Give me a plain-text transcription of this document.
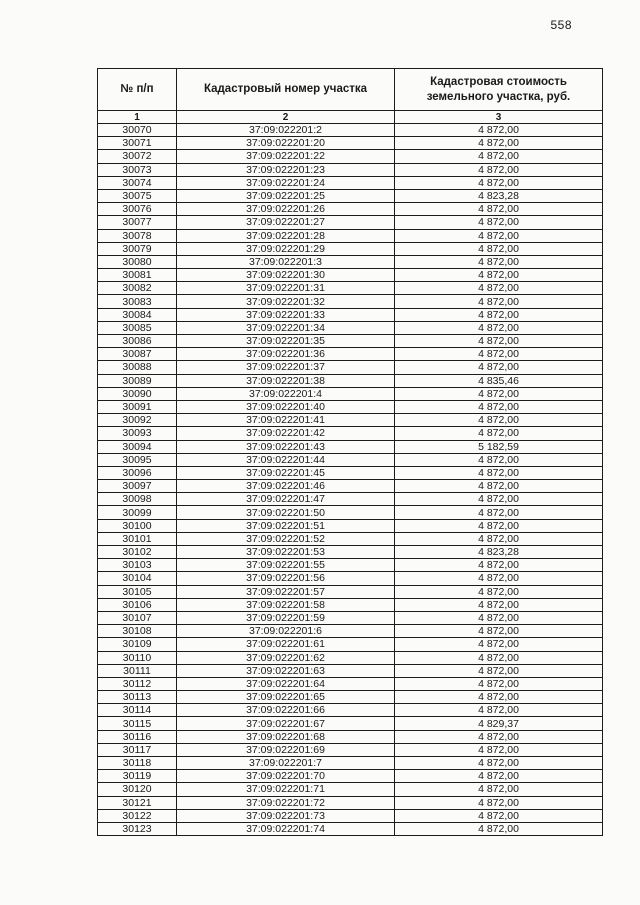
558
№ п/п	Кадастровый номер участка	Кадастровая стоимость земельного участка, руб.
1	2	3
30070	37:09:022201:2	4 872,00
30071	37:09:022201:20	4 872,00
30072	37:09:022201:22	4 872,00
30073	37:09:022201:23	4 872,00
30074	37:09:022201:24	4 872,00
30075	37:09:022201:25	4 823,28
30076	37:09:022201:26	4 872,00
30077	37:09:022201:27	4 872,00
30078	37:09:022201:28	4 872,00
30079	37:09:022201:29	4 872,00
30080	37:09:022201:3	4 872,00
30081	37:09:022201:30	4 872,00
30082	37:09:022201:31	4 872,00
30083	37:09:022201:32	4 872,00
30084	37:09:022201:33	4 872,00
30085	37:09:022201:34	4 872,00
30086	37:09:022201:35	4 872,00
30087	37:09:022201:36	4 872,00
30088	37:09:022201:37	4 872,00
30089	37:09:022201:38	4 835,46
30090	37:09:022201:4	4 872,00
30091	37:09:022201:40	4 872,00
30092	37:09:022201:41	4 872,00
30093	37:09:022201:42	4 872,00
30094	37:09:022201:43	5 182,59
30095	37:09:022201:44	4 872,00
30096	37:09:022201:45	4 872,00
30097	37:09:022201:46	4 872,00
30098	37:09:022201:47	4 872,00
30099	37:09:022201:50	4 872,00
30100	37:09:022201:51	4 872,00
30101	37:09:022201:52	4 872,00
30102	37:09:022201:53	4 823,28
30103	37:09:022201:55	4 872,00
30104	37:09:022201:56	4 872,00
30105	37:09:022201:57	4 872,00
30106	37:09:022201:58	4 872,00
30107	37:09:022201:59	4 872,00
30108	37:09:022201:6	4 872,00
30109	37:09:022201:61	4 872,00
30110	37:09:022201:62	4 872,00
30111	37:09:022201:63	4 872,00
30112	37:09:022201:64	4 872,00
30113	37:09:022201:65	4 872,00
30114	37:09:022201:66	4 872,00
30115	37:09:022201:67	4 829,37
30116	37:09:022201:68	4 872,00
30117	37:09:022201:69	4 872,00
30118	37:09:022201:7	4 872,00
30119	37:09:022201:70	4 872,00
30120	37:09:022201:71	4 872,00
30121	37:09:022201:72	4 872,00
30122	37:09:022201:73	4 872,00
30123	37:09:022201:74	4 872,00
